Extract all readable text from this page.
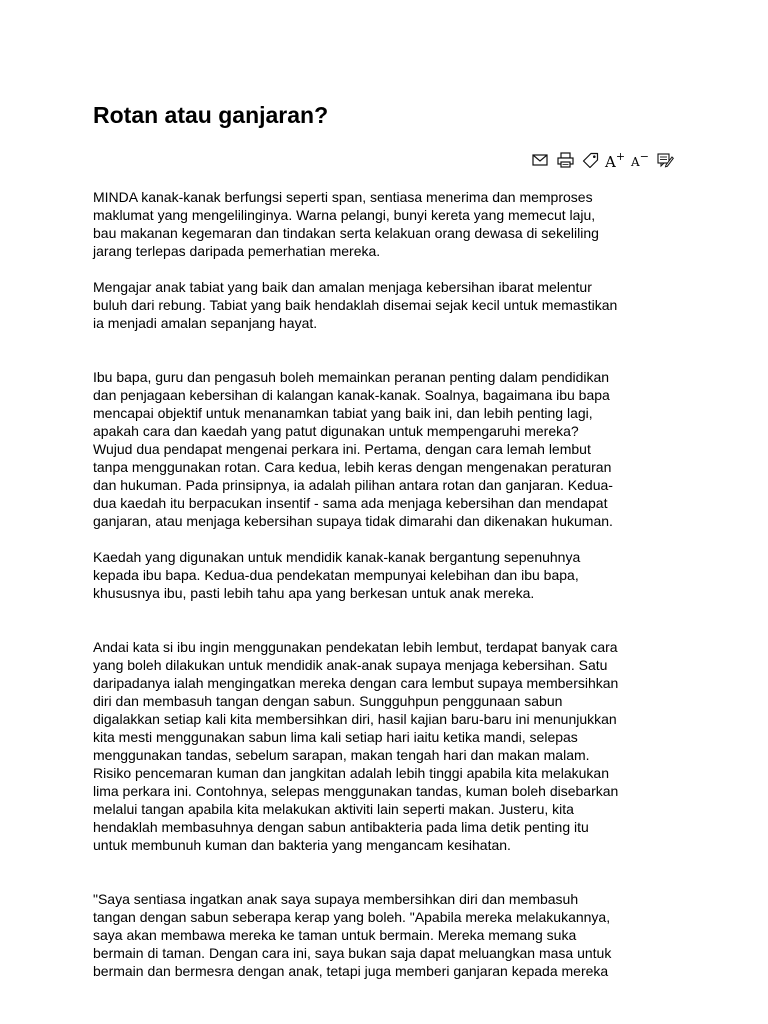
Rotan atau ganjaran?
A+ A−

MINDA kanak-kanak berfungsi seperti span, sentiasa menerima dan memproses
maklumat yang mengelilinginya. Warna pelangi, bunyi kereta yang memecut laju,
bau makanan kegemaran dan tindakan serta kelakuan orang dewasa di sekeliling
jarang terlepas daripada pemerhatian mereka.

Mengajar anak tabiat yang baik dan amalan menjaga kebersihan ibarat melentur
buluh dari rebung. Tabiat yang baik hendaklah disemai sejak kecil untuk memastikan
ia menjadi amalan sepanjang hayat.

Ibu bapa, guru dan pengasuh boleh memainkan peranan penting dalam pendidikan
dan penjagaan kebersihan di kalangan kanak-kanak. Soalnya, bagaimana ibu bapa
mencapai objektif untuk menanamkan tabiat yang baik ini, dan lebih penting lagi,
apakah cara dan kaedah yang patut digunakan untuk mempengaruhi mereka?
Wujud dua pendapat mengenai perkara ini. Pertama, dengan cara lemah lembut
tanpa menggunakan rotan. Cara kedua, lebih keras dengan mengenakan peraturan
dan hukuman. Pada prinsipnya, ia adalah pilihan antara rotan dan ganjaran. Kedua-
dua kaedah itu berpacukan insentif - sama ada menjaga kebersihan dan mendapat
ganjaran, atau menjaga kebersihan supaya tidak dimarahi dan dikenakan hukuman.

Kaedah yang digunakan untuk mendidik kanak-kanak bergantung sepenuhnya
kepada ibu bapa. Kedua-dua pendekatan mempunyai kelebihan dan ibu bapa,
khususnya ibu, pasti lebih tahu apa yang berkesan untuk anak mereka.

Andai kata si ibu ingin menggunakan pendekatan lebih lembut, terdapat banyak cara
yang boleh dilakukan untuk mendidik anak-anak supaya menjaga kebersihan. Satu
daripadanya ialah mengingatkan mereka dengan cara lembut supaya membersihkan
diri dan membasuh tangan dengan sabun. Sungguhpun penggunaan sabun
digalakkan setiap kali kita membersihkan diri, hasil kajian baru-baru ini menunjukkan
kita mesti menggunakan sabun lima kali setiap hari iaitu ketika mandi, selepas
menggunakan tandas, sebelum sarapan, makan tengah hari dan makan malam.
Risiko pencemaran kuman dan jangkitan adalah lebih tinggi apabila kita melakukan
lima perkara ini. Contohnya, selepas menggunakan tandas, kuman boleh disebarkan
melalui tangan apabila kita melakukan aktiviti lain seperti makan. Justeru, kita
hendaklah membasuhnya dengan sabun antibakteria pada lima detik penting itu
untuk membunuh kuman dan bakteria yang mengancam kesihatan.

"Saya sentiasa ingatkan anak saya supaya membersihkan diri dan membasuh
tangan dengan sabun seberapa kerap yang boleh. "Apabila mereka melakukannya,
saya akan membawa mereka ke taman untuk bermain. Mereka memang suka
bermain di taman. Dengan cara ini, saya bukan saja dapat meluangkan masa untuk
bermain dan bermesra dengan anak, tetapi juga memberi ganjaran kepada mereka
